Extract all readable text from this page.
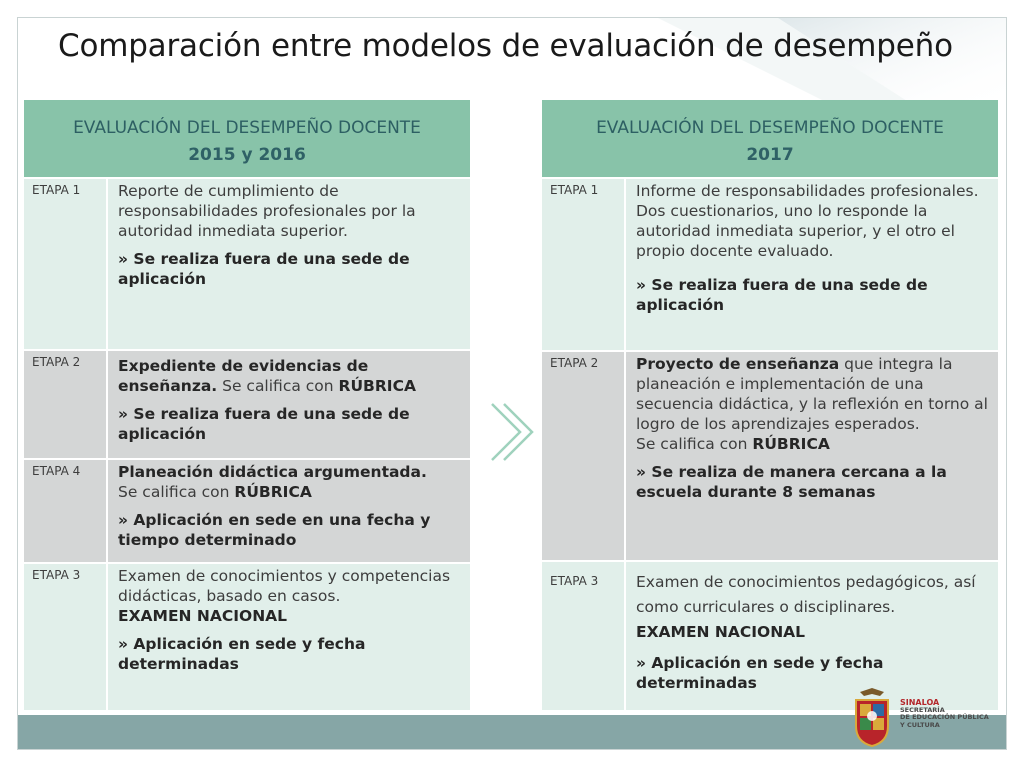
Comparación entre modelos de evaluación de desempeño
EVALUACIÓN DEL DESEMPEÑO DOCENTE
2015 y 2016
ETAPA 1	Reporte de cumplimiento de responsabilidades profesionales por la autoridad inmediata superior.

» Se realiza fuera de una sede de aplicación

ETAPA 2	Expediente de evidencias de enseñanza. Se califica con RÚBRICA

» Se realiza fuera de una sede de aplicación

ETAPA 4	Planeación didáctica argumentada.
Se califica con RÚBRICA

» Aplicación en sede en una fecha y tiempo determinado

ETAPA 3	Examen de conocimientos y competencias didácticas, basado en casos.

EXAMEN NACIONAL

» Aplicación en sede y fecha determinadas

EVALUACIÓN DEL DESEMPEÑO DOCENTE
2017
ETAPA 1	Informe de responsabilidades profesionales. Dos cuestionarios, uno lo responde la autoridad inmediata superior, y el otro el propio docente evaluado.

» Se realiza fuera de una sede de aplicación

ETAPA 2	Proyecto de enseñanza que integra la planeación e implementación de una secuencia didáctica, y la reflexión en torno al logro de los aprendizajes esperados.

Se califica con RÚBRICA

» Se realiza de manera cercana a la escuela durante 8 semanas

ETAPA 3	Examen de conocimientos pedagógicos, así como curriculares o disciplinares.

EXAMEN NACIONAL

» Aplicación en sede y fecha determinadas

SINALOA
SECRETARÍA
DE EDUCACIÓN PÚBLICA
Y CULTURA
